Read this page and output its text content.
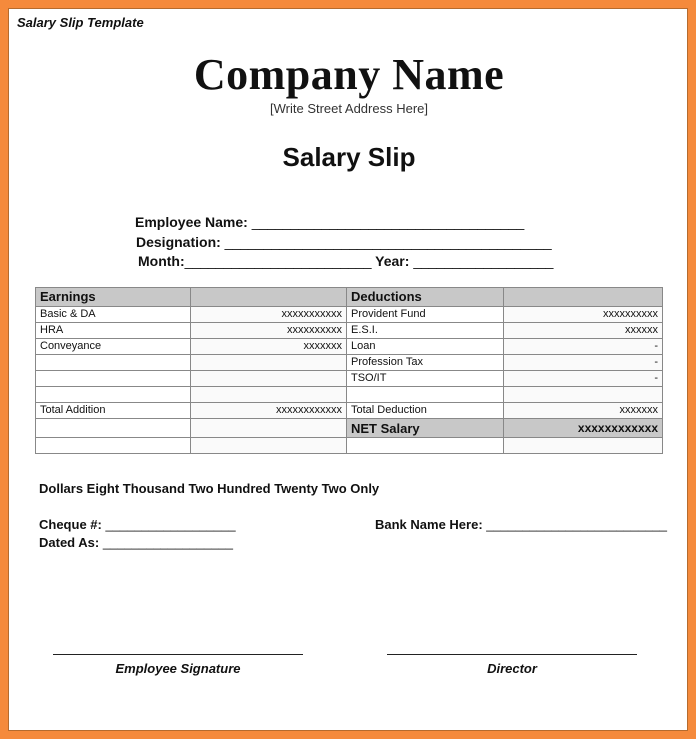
Salary Slip Template
Company Name
[Write Street Address Here]
Salary Slip
Employee Name: ___________________________________
Designation: __________________________________________
Month:________________________ Year: __________________
Earnings		Deductions	
Basic & DA	xxxxxxxxxxx	Provident Fund	xxxxxxxxxx
HRA	xxxxxxxxxx	E.S.I.	xxxxxx
Conveyance	xxxxxxx	Loan	-
		Profession Tax	-
		TSO/IT	-

Total Addition	xxxxxxxxxxxx	Total Deduction	xxxxxxx
		NET Salary	xxxxxxxxxxxx

Dollars Eight Thousand Two Hundred Twenty Two Only
Cheque #: __________________
Dated As: __________________
Bank Name Here: _________________________
Employee Signature	Director
